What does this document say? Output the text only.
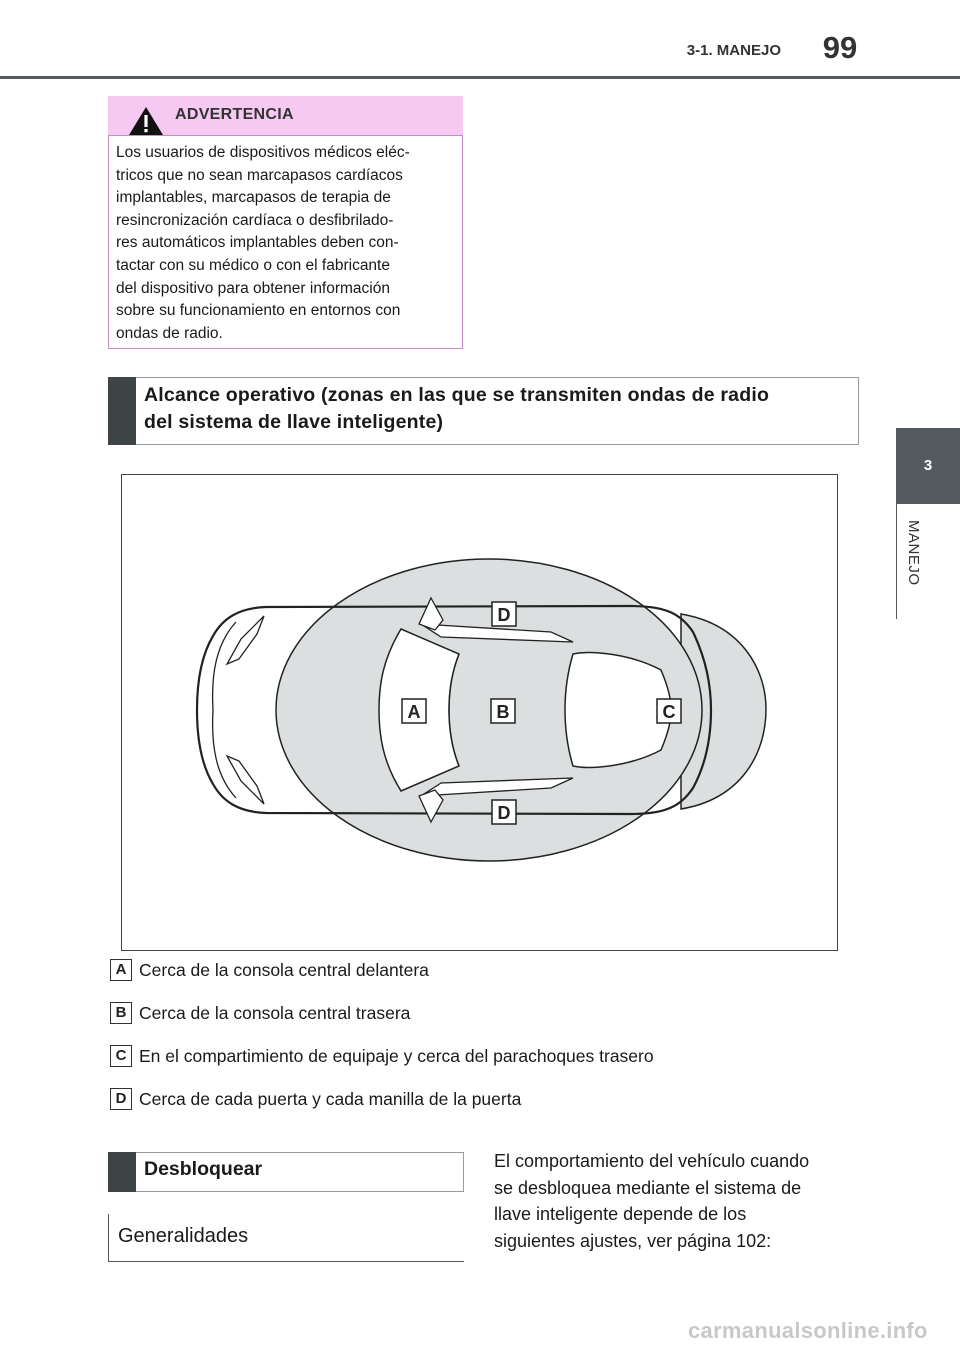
3-1. MANEJO	99
3
MANEJO
ADVERTENCIA
Los usuarios de dispositivos médicos eléc-
tricos que no sean marcapasos cardíacos
implantables, marcapasos de terapia de
resincronización cardíaca o desfibrilado-
res automáticos implantables deben con-
tactar con su médico o con el fabricante
del dispositivo para obtener información
sobre su funcionamiento en entornos con
ondas de radio.
Alcance operativo (zonas en las que se transmiten ondas de radio
del sistema de llave inteligente)
D
A	B	C
D
A Cerca de la consola central delantera
B Cerca de la consola central trasera
C En el compartimiento de equipaje y cerca del parachoques trasero
D Cerca de cada puerta y cada manilla de la puerta
Desbloquear
Generalidades
El comportamiento del vehículo cuando
se desbloquea mediante el sistema de
llave inteligente depende de los
siguientes ajustes, ver página 102:
carmanualsonline.info
